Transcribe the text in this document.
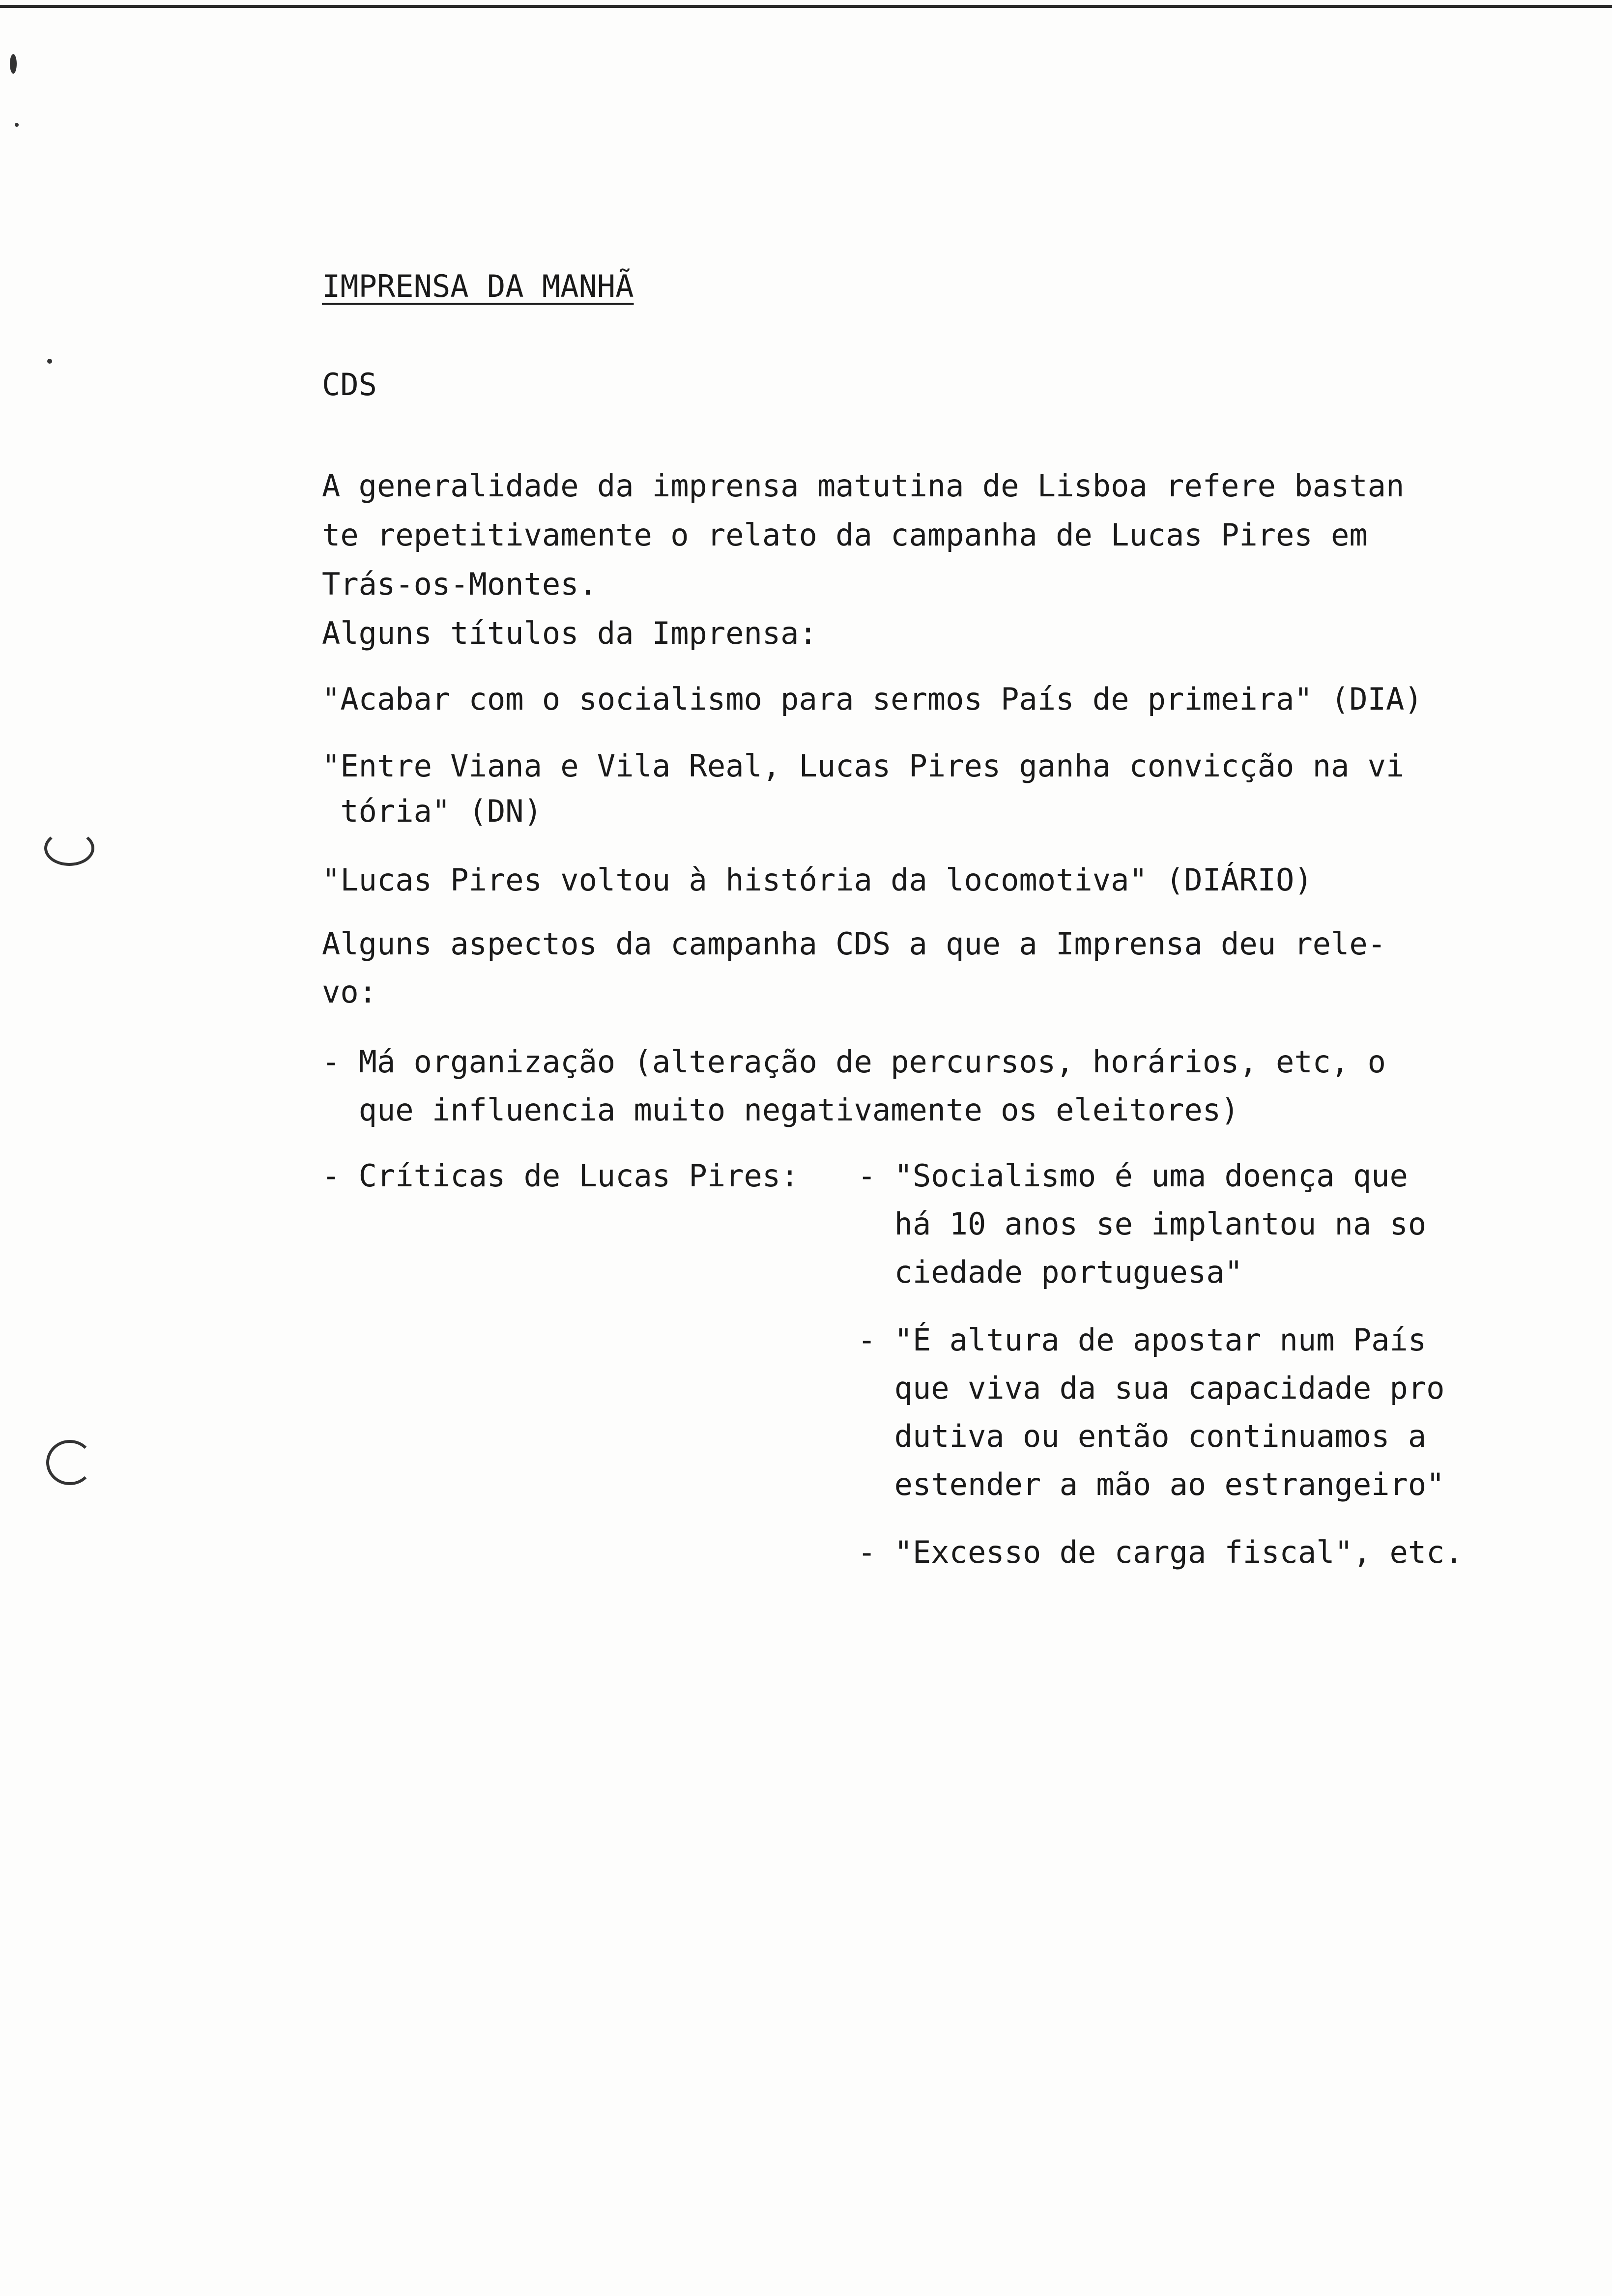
IMPRENSA DA MANHÃ
CDS
A generalidade da imprensa matutina de Lisboa refere bastan
te repetitivamente o relato da campanha de Lucas Pires em
Trás-os-Montes.
Alguns títulos da Imprensa:
"Acabar com o socialismo para sermos País de primeira" (DIA)
"Entre Viana e Vila Real, Lucas Pires ganha convicção na vi
tória" (DN)
"Lucas Pires voltou à história da locomotiva" (DIÁRIO)
Alguns aspectos da campanha CDS a que a Imprensa deu rele-
vo:
- Má organização (alteração de percursos, horários, etc, o
que influencia muito negativamente os eleitores)
- Críticas de Lucas Pires: - "Socialismo é uma doença que
há 10 anos se implantou na so
ciedade portuguesa"
- "É altura de apostar num País
que viva da sua capacidade pro
dutiva ou então continuamos a
estender a mão ao estrangeiro"
- "Excesso de carga fiscal", etc.
